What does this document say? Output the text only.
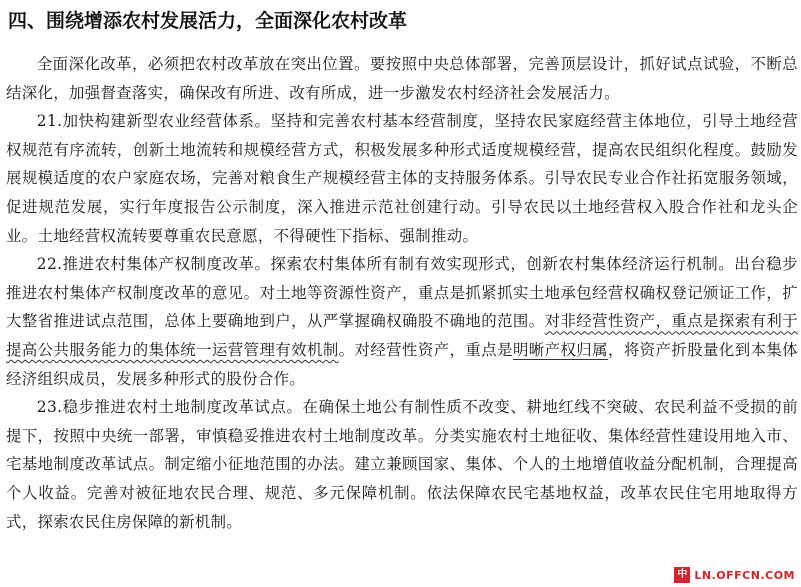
四、围绕增添农村发展活力，全面深化农村改革

全面深化改革，必须把农村改革放在突出位置。要按照中央总体部署，完善顶层设计，抓好试点试验，不断总结深化，加强督查落实，确保改有所进、改有所成，进一步激发农村经济社会发展活力。

21.加快构建新型农业经营体系。坚持和完善农村基本经营制度，坚持农民家庭经营主体地位，引导土地经营权规范有序流转，创新土地流转和规模经营方式，积极发展多种形式适度规模经营，提高农民组织化程度。鼓励发展规模适度的农户家庭农场，完善对粮食生产规模经营主体的支持服务体系。引导农民专业合作社拓宽服务领域，促进规范发展，实行年度报告公示制度，深入推进示范社创建行动。引导农民以土地经营权入股合作社和龙头企业。土地经营权流转要尊重农民意愿，不得硬性下指标、强制推动。

22.推进农村集体产权制度改革。探索农村集体所有制有效实现形式，创新农村集体经济运行机制。出台稳步推进农村集体产权制度改革的意见。对土地等资源性资产，重点是抓紧抓实土地承包经营权确权登记颁证工作，扩大整省推进试点范围，总体上要确地到户，从严掌握确权确股不确地的范围。对非经营性资产，重点是探索有利于提高公共服务能力的集体统一运营管理有效机制。对经营性资产，重点是明晰产权归属，将资产折股量化到本集体经济组织成员，发展多种形式的股份合作。

23.稳步推进农村土地制度改革试点。在确保土地公有制性质不改变、耕地红线不突破、农民利益不受损的前提下，按照中央统一部署，审慎稳妥推进农村土地制度改革。分类实施农村土地征收、集体经营性建设用地入市、宅基地制度改革试点。制定缩小征地范围的办法。建立兼顾国家、集体、个人的土地增值收益分配机制，合理提高个人收益。完善对被征地农民合理、规范、多元保障机制。依法保障农民宅基地权益，改革农民住宅用地取得方式，探索农民住房保障的新机制。

中 LN.OFFCN.COM
